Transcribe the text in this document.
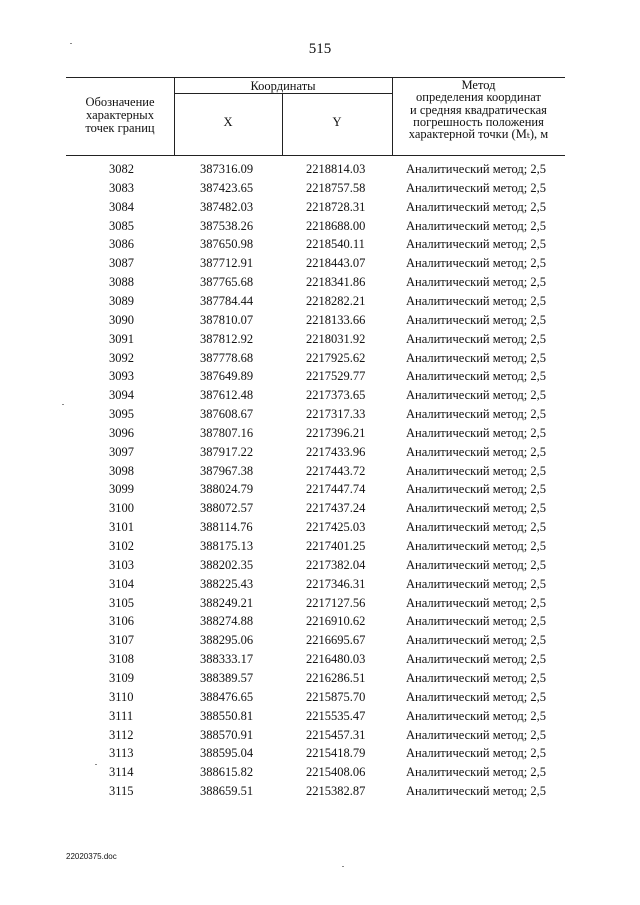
515
Обозначение
характерных
точек границ
Координаты
X	Y
Метод
определения координат
и средняя квадратическая
погрешность положения
характерной точки (Mₜ), м
3082	387316.09	2218814.03	Аналитический метод; 2,5
3083	387423.65	2218757.58	Аналитический метод; 2,5
3084	387482.03	2218728.31	Аналитический метод; 2,5
3085	387538.26	2218688.00	Аналитический метод; 2,5
3086	387650.98	2218540.11	Аналитический метод; 2,5
3087	387712.91	2218443.07	Аналитический метод; 2,5
3088	387765.68	2218341.86	Аналитический метод; 2,5
3089	387784.44	2218282.21	Аналитический метод; 2,5
3090	387810.07	2218133.66	Аналитический метод; 2,5
3091	387812.92	2218031.92	Аналитический метод; 2,5
3092	387778.68	2217925.62	Аналитический метод; 2,5
3093	387649.89	2217529.77	Аналитический метод; 2,5
3094	387612.48	2217373.65	Аналитический метод; 2,5
3095	387608.67	2217317.33	Аналитический метод; 2,5
3096	387807.16	2217396.21	Аналитический метод; 2,5
3097	387917.22	2217433.96	Аналитический метод; 2,5
3098	387967.38	2217443.72	Аналитический метод; 2,5
3099	388024.79	2217447.74	Аналитический метод; 2,5
3100	388072.57	2217437.24	Аналитический метод; 2,5
3101	388114.76	2217425.03	Аналитический метод; 2,5
3102	388175.13	2217401.25	Аналитический метод; 2,5
3103	388202.35	2217382.04	Аналитический метод; 2,5
3104	388225.43	2217346.31	Аналитический метод; 2,5
3105	388249.21	2217127.56	Аналитический метод; 2,5
3106	388274.88	2216910.62	Аналитический метод; 2,5
3107	388295.06	2216695.67	Аналитический метод; 2,5
3108	388333.17	2216480.03	Аналитический метод; 2,5
3109	388389.57	2216286.51	Аналитический метод; 2,5
3110	388476.65	2215875.70	Аналитический метод; 2,5
3111	388550.81	2215535.47	Аналитический метод; 2,5
3112	388570.91	2215457.31	Аналитический метод; 2,5
3113	388595.04	2215418.79	Аналитический метод; 2,5
3114	388615.82	2215408.06	Аналитический метод; 2,5
3115	388659.51	2215382.87	Аналитический метод; 2,5
22020375.doc
